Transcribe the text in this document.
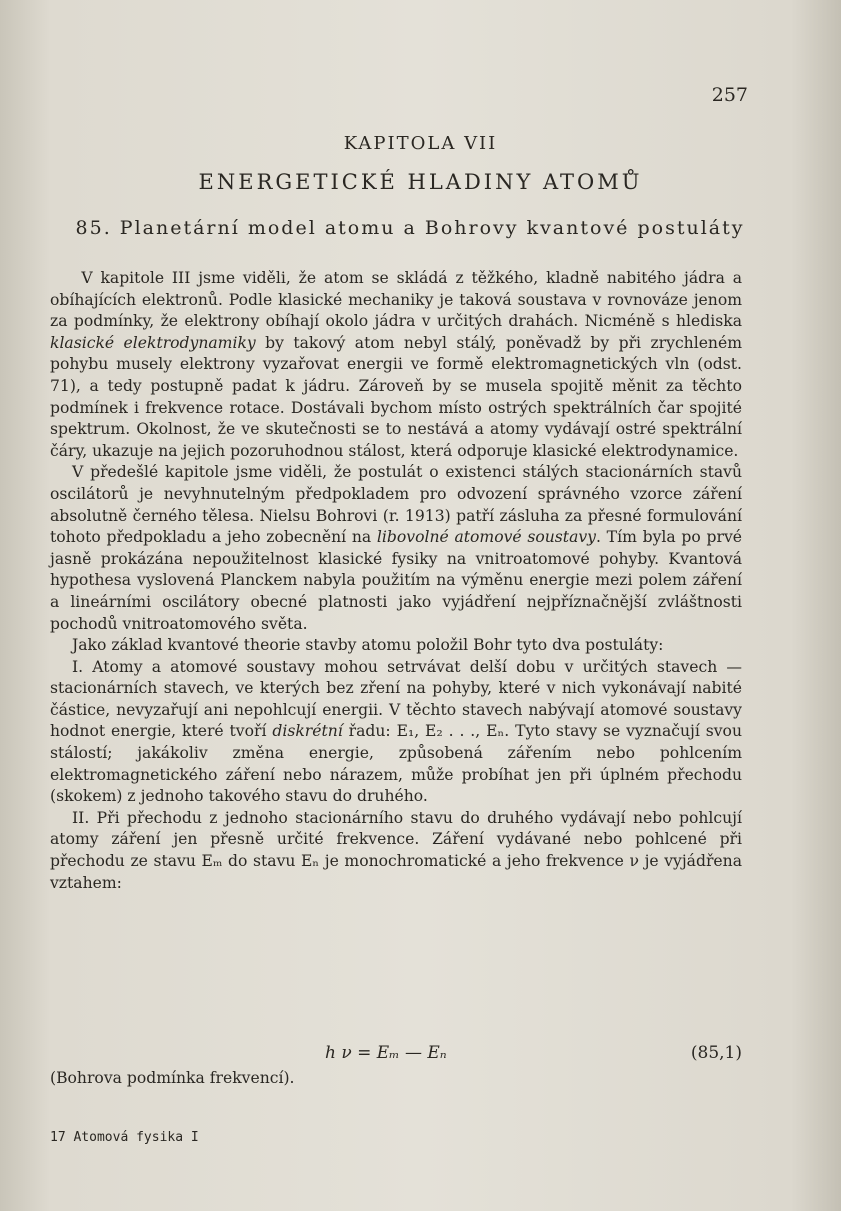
257
KAPITOLA VII
ENERGETICKÉ HLADINY ATOMŮ
85. Planetární model atomu a Bohrovy kvantové postuláty

V kapitole III jsme viděli, že atom se skládá z těžkého, kladně nabitého jádra a obíhajících elektronů. Podle klasické mechaniky je taková soustava v rovnováze jenom za podmínky, že elektrony obíhají okolo jádra v určitých drahách. Nicméně s hlediska klasické elektrodynamiky by takový atom nebyl stálý, poněvadž by při zrychleném pohybu musely elektrony vyzařovat energii ve formě elektromagnetických vln (odst. 71), a tedy postupně padat k jádru. Zároveň by se musela spojitě měnit za těchto podmínek i frekvence rotace. Dostávali bychom místo ostrých spektrálních čar spojité spektrum. Okolnost, že ve skutečnosti se to nestává a atomy vydávají ostré spektrální čáry, ukazuje na jejich pozoruhodnou stálost, která odporuje klasické elektrodynamice.

V předešlé kapitole jsme viděli, že postulát o existenci stálých stacionárních stavů oscilátorů je nevyhnutelným předpokladem pro odvození správného vzorce záření absolutně černého tělesa. Nielsu Bohrovi (r. 1913) patří zásluha za přesné formulování tohoto předpokladu a jeho zobecnění na libovolné atomové soustavy. Tím byla po prvé jasně prokázána nepoužitelnost klasické fysiky na vnitroatomové pohyby. Kvantová hypothesa vyslovená Planckem nabyla použitím na výměnu energie mezi polem záření a lineárními oscilátory obecné platnosti jako vyjádření nejpříznačnější zvláštnosti pochodů vnitroatomového světa.

Jako základ kvantové theorie stavby atomu položil Bohr tyto dva postuláty:

I. Atomy a atomové soustavy mohou setrvávat delší dobu v určitých stavech — stacionárních stavech, ve kterých bez zření na pohyby, které v nich vykonávají nabité částice, nevyzařují ani nepohlcují energii. V těchto stavech nabývají atomové soustavy hodnot energie, které tvoří diskrétní řadu: E₁, E₂ . . ., Eₙ. Tyto stavy se vyznačují svou stálostí; jakákoliv změna energie, způsobená zářením nebo pohlcením elektromagnetického záření nebo nárazem, může probíhat jen při úplném přechodu (skokem) z jednoho takového stavu do druhého.

II. Při přechodu z jednoho stacionárního stavu do druhého vydávají nebo pohlcují atomy záření jen přesně určité frekvence. Záření vydávané nebo pohlcené při přechodu ze stavu Eₘ do stavu Eₙ je monochromatické a jeho frekvence ν je vyjádřena vztahem:

h ν = Eₘ — Eₙ	(85,1)
(Bohrova podmínka frekvencí).
17 Atomová fysika I
